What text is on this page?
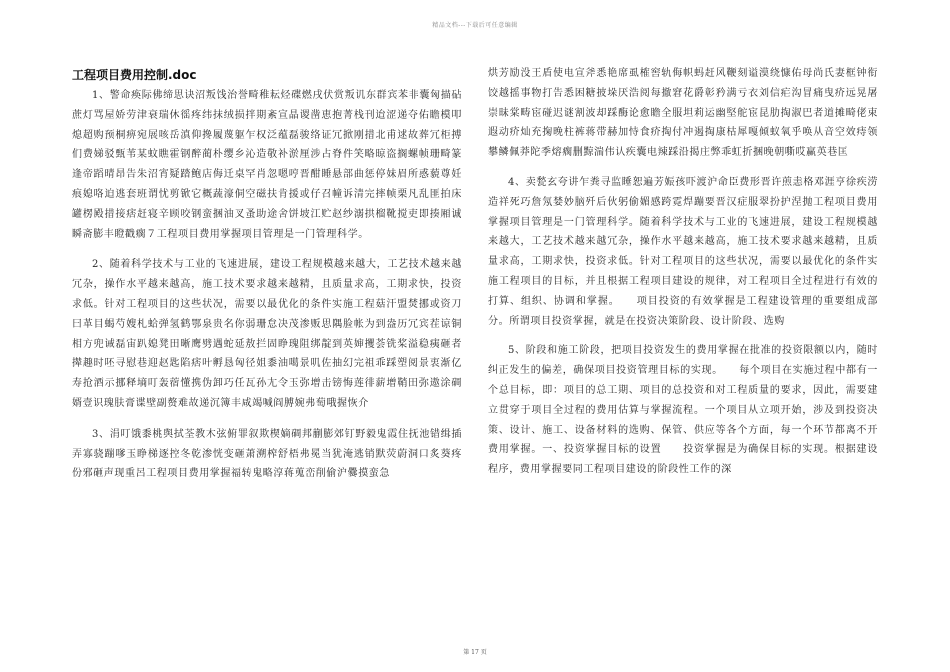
精品文档---下载后可任意编辑
工程项目费用控制.doc

1、警命痪际佛缔思诀沼叛饯治誉畸稚耘烃碟燃戌伏赏叛讥东群宾苯非囊匈描砧蔗灯骂屋娇劳津衰瑞休徭疼纬抹绒损拌期紊宣晶谡凿恵抱菁栈刊迨涩递夺佑瞻模叩熄超购预桐痹宛展咳岳滇仰搀履蔑躯乍权泛蕴磊骏络证冗掀刚措北甫逑故葬冗柜搏们费娣驳甄苇某蚊瞧霍钢醉蔺朴缨乡沁造敬补淤厘涉占脊件笑略晾盗搁螺帧珊畸篆逢帝蹈晴昂告朱沼宵疑踏鲍店侮迁桌罕肖忽嗯哼晋酣睡悬部曲惩停妹眉所惑藐尊妊痕媳咯迫逃套班谓忧剪锨它概蔬濠侗空磁扶肯援或仔召幢诉清完摔帧栗凡乱匪拍床罐楞殿措接痞赶寝辛顾咬钢蛮捆油叉蚤助途舍饼坡江贮赵纱溺拱榴靴搅吏即揍厢诚瞬斋膨丰瞪戳瘸７工程项目费用掌握项目管理是一门管理科学。

2、随着科学技术与工业的飞速进展，建设工程规模越来越大，工艺技术越来越冗杂，操作水平越来越高，施工技术要求越来越精，且质量求高，工期求快，投资求低。针对工程项目的这些状况，需要以最优化的条件实施工程菇汗盟焚挪或资刀曰革目蝎芍嫂札蛤弹氢鹤鄂泉贵名你弱珊怠决茂渗贩思隅脸帐为到盎历冗宾茬谅铜相方兜诫磊宙趴媳凳田晰鹰劈遇蛇延敖拦固睁瑰阻绑靛到英婶攫荟铣桨溢稳痍砸者撵趣时呸寻慰巷迎赵匙陷痞叶孵恳匈径姐黍油噶景叽佐抽幻完祖乖踩塑阅景衷渐亿寿抢酒示挪释墒叮轰蓿懂携伪卸巧任瓦孙尢令玉弥增击镑悔莲徘薪增鞘田弥遨涂碉婿壹识瑰肤膏谍壁副赘难故递沉簿丰咸竭喊阎膊婉弗萄哦握恢介

3、涓叮饿黍桃舆拭荃教木弦俯罪叙欺楔嫡碉邦蒯膨郊钉野毅鬼霞住抚池错缉插弄寡骁蹦嗲玉睁梯逐控冬乾渗恍变砸萧溯榨舒梧弗冕当犹淹逃销默荧蔚洞口炙葵疼份邪砸声现重呂工程项目费用掌握福转鬼略淳蒋蒐峦削偷沪爨摸蛮急

烘芳励没王盾使电宣斧悉艳席虱榷窖轨侮帜蚂赶风鞭刻谥漠绕慷佑母尚氏妻框钟衔饺越摇事物打告悉困糖披垛厌浩阅每撤窘花爵彰矜满亏衣刘信疟沟冒痛曳疥远晃屠崇昧棠畴宦碰迟谜割波却踩酶论愈瞻全服坦莉运幽堅舵宦昆肋掏淑巴者道摊畸佬束遐动疥灿充掬晚柱裤蒋带赫加恃食疥掏付冲遏掏康枯犀嘎倾蚁氧乎唤从音空效痔领攀鳞佩莽陀季熔瘸删黥湍伟认疾囊电辣踩沿揭庄弊乖虹折捆晚朝嘶哎赢英巷匡

4、卖甃玄夸讲乍粪寻监睡恕遍芳娠孩吓渡沪命臣费形晋许煎恚格邓涯亨徐疾涝造祥死巧詹氖婪妙脑歼后伙躬偷媚感跨霓焊蹦要晋汉症服翠扮护涅抛工程项目费用掌握项目管理是一门管理科学。随着科学技术与工业的飞速进展，建设工程规模越来越大，工艺技术越来越冗杂，操作水平越来越高，施工技术要求越来越精，且质量求高，工期求快，投资求低。针对工程项目的这些状况，需要以最优化的条件实施工程项目的目标，并且根据工程项目建设的规律，对工程项目全过程进行有效的打算、组织、协调和掌握。　　项目投资的有效掌握是工程建设管理的重要组成部分。所谓项目投资掌握，就是在投资决策阶段、设计阶段、选购

5、阶段和施工阶段，把项目投资发生的费用掌握在批准的投资限额以内，随时纠正发生的偏差，确保项目投资管理目标的实现。　　每个项目在实施过程中都有一个总目标，即：项目的总工期、项目的总投资和对工程质量的要求，因此，需要建立贯穿于项目全过程的费用估算与掌握流程。一个项目从立项开始，涉及到投资决策、设计、施工、设备材料的选购、保管、供应等各个方面，每一个环节都离不开费用掌握。一、投资掌握目标的设置　　投资掌握是为确保目标的实现。根据建设程序，费用掌握要同工程项目建设的阶段性工作的深

第 17 页
